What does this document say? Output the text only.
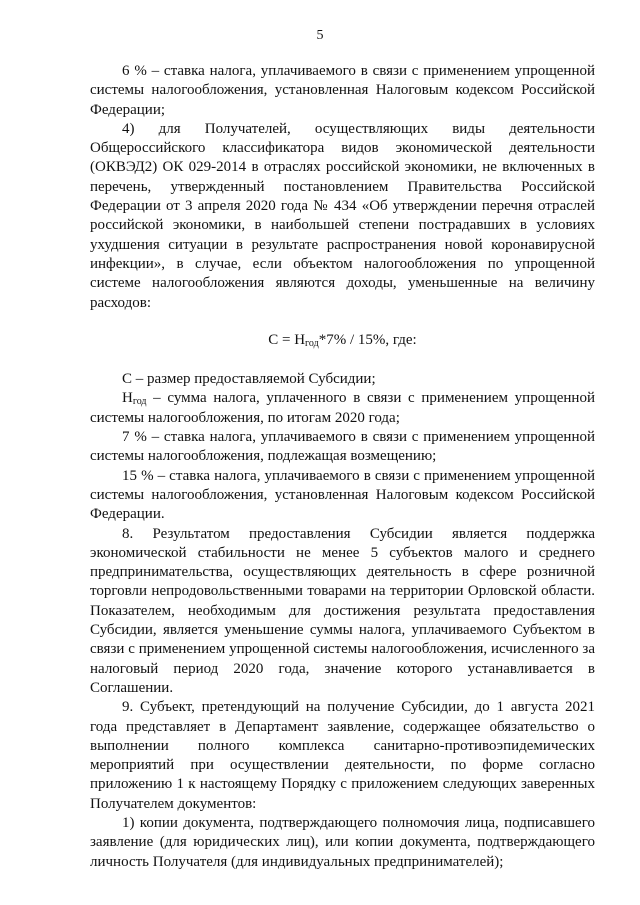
5

6 % – ставка налога, уплачиваемого в связи с применением упрощенной системы налогообложения, установленная Налоговым кодексом Российской Федерации;

4) для Получателей, осуществляющих виды деятельности Общероссийского классификатора видов экономической деятельности (ОКВЭД2) ОК 029-2014 в отраслях российской экономики, не включенных в перечень, утвержденный постановлением Правительства Российской Федерации от 3 апреля 2020 года № 434 «Об утверждении перечня отраслей российской экономики, в наибольшей степени пострадавших в условиях ухудшения ситуации в результате распространения новой коронавирусной инфекции», в случае, если объектом налогообложения по упрощенной системе налогообложения являются доходы, уменьшенные на величину расходов:

$С = Н_{год}*7\% / 15\%$, где:

С – размер предоставляемой Субсидии;

$Н_{год}$ – сумма налога, уплаченного в связи с применением упрощенной системы налогообложения, по итогам 2020 года;

7 % – ставка налога, уплачиваемого в связи с применением упрощенной системы налогообложения, подлежащая возмещению;

15 % – ставка налога, уплачиваемого в связи с применением упрощенной системы налогообложения, установленная Налоговым кодексом Российской Федерации.

8. Результатом предоставления Субсидии является поддержка экономической стабильности не менее 5 субъектов малого и среднего предпринимательства, осуществляющих деятельность в сфере розничной торговли непродовольственными товарами на территории Орловской области. Показателем, необходимым для достижения результата предоставления Субсидии, является уменьшение суммы налога, уплачиваемого Субъектом в связи с применением упрощенной системы налогообложения, исчисленного за налоговый период 2020 года, значение которого устанавливается в Соглашении.

9. Субъект, претендующий на получение Субсидии, до 1 августа 2021 года представляет в Департамент заявление, содержащее обязательство о выполнении полного комплекса санитарно-противоэпидемических мероприятий при осуществлении деятельности, по форме согласно приложению 1 к настоящему Порядку с приложением следующих заверенных Получателем документов:

1) копии документа, подтверждающего полномочия лица, подписавшего заявление (для юридических лиц), или копии документа, подтверждающего личность Получателя (для индивидуальных предпринимателей);
